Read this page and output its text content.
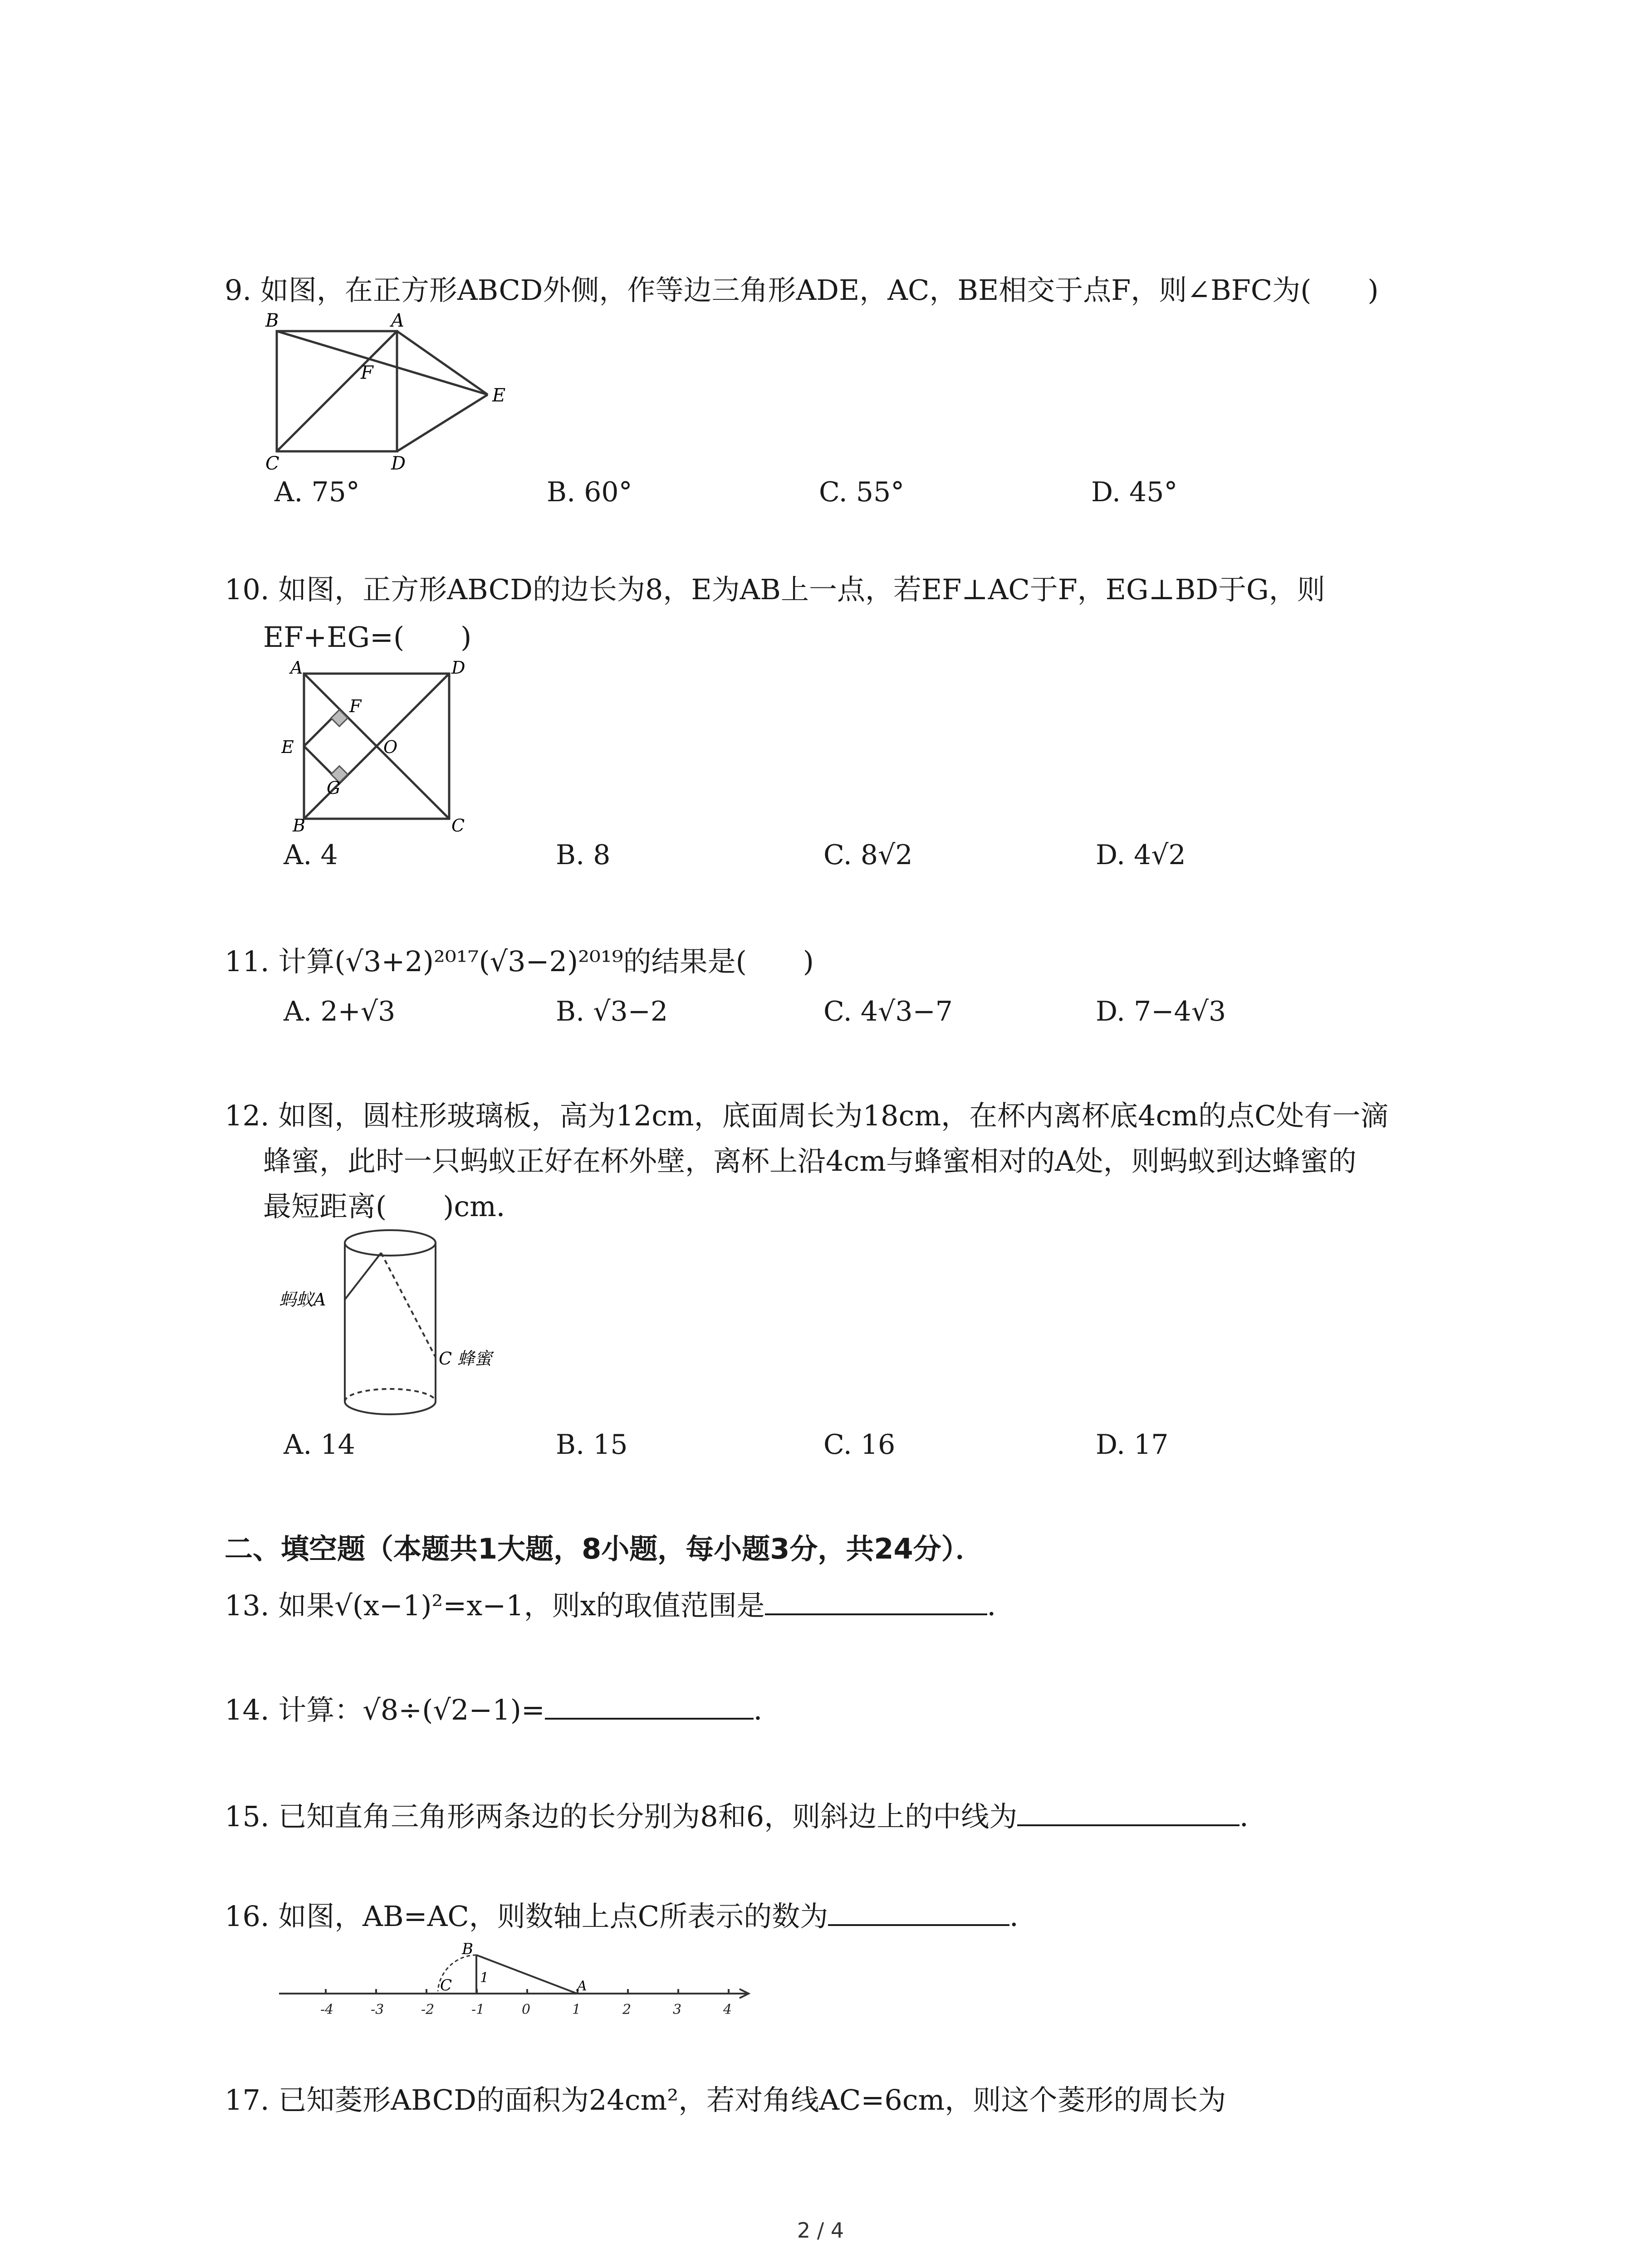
9. 如图，在正方形ABCD外侧，作等边三角形ADE，AC，BE相交于点F，则∠BFC为(　　)
B	A
F
E
C	D
A. 75°	B. 60°	C. 55°	D. 45°
10. 如图，正方形ABCD的边长为8，E为AB上一点，若EF⊥AC于F，EG⊥BD于G，则
EF+EG=(　　)
A	D
F
O
E
G
B	C
A. 4	B. 8	C. 8√2	D. 4√2
11. 计算(√3+2)²⁰¹⁷(√3−2)²⁰¹⁹的结果是(　　)
A. 2+√3	B. √3−2	C. 4√3−7	D. 7−4√3
12. 如图，圆柱形玻璃板，高为12cm，底面周长为18cm，在杯内离杯底4cm的点C处有一滴
蜂蜜，此时一只蚂蚁正好在杯外壁，离杯上沿4cm与蜂蜜相对的A处，则蚂蚁到达蜂蜜的
最短距离(　　)cm．
蚂蚁A
C 蜂蜜
A. 14	B. 15	C. 16	D. 17
二、填空题（本题共1大题，8小题，每小题3分，共24分）．
13. 如果√(x−1)²=x−1，则x的取值范围是	．
14. 计算：√8÷(√2−1)=	．
15. 已知直角三角形两条边的长分别为8和6，则斜边上的中线为	．
16. 如图，AB=AC，则数轴上点C所表示的数为	．
-4	-3	-2	-1	0	1	2	3	4
B
C 1
A
17. 已知菱形ABCD的面积为24cm²，若对角线AC=6cm，则这个菱形的周长为
2 / 4
